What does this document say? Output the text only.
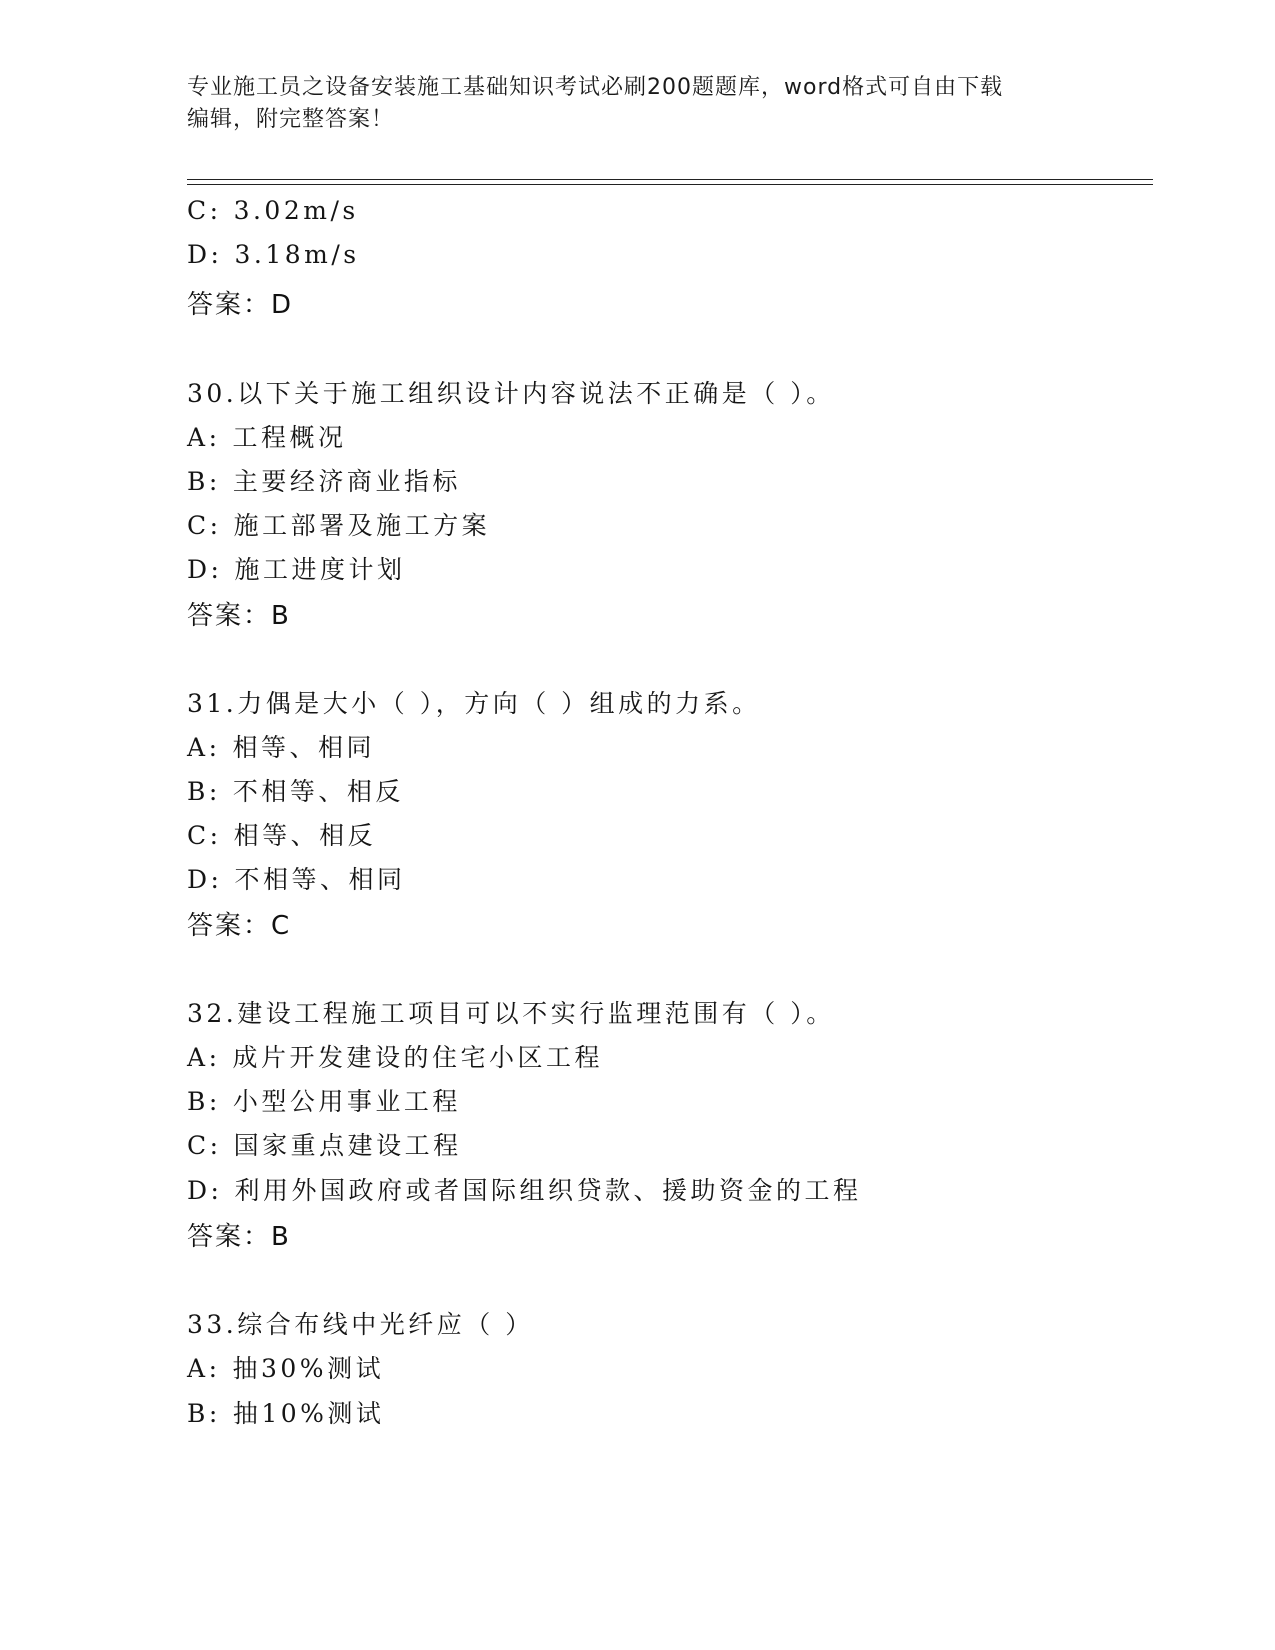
专业施工员之设备安装施工基础知识考试必刷200题题库，word格式可自由下载
编辑，附完整答案！
C: 3.02m/s
D: 3.18m/s
答案：D
30.以下关于施工组织设计内容说法不正确是（ ）。
A: 工程概况
B: 主要经济商业指标
C: 施工部署及施工方案
D: 施工进度计划
答案：B
31.力偶是大小（ ），方向（ ）组成的力系。
A: 相等、相同
B: 不相等、相反
C: 相等、相反
D: 不相等、相同
答案：C
32.建设工程施工项目可以不实行监理范围有（ ）。
A: 成片开发建设的住宅小区工程
B: 小型公用事业工程
C: 国家重点建设工程
D: 利用外国政府或者国际组织贷款、援助资金的工程
答案：B
33.综合布线中光纤应（ ）
A: 抽30%测试
B: 抽10%测试
